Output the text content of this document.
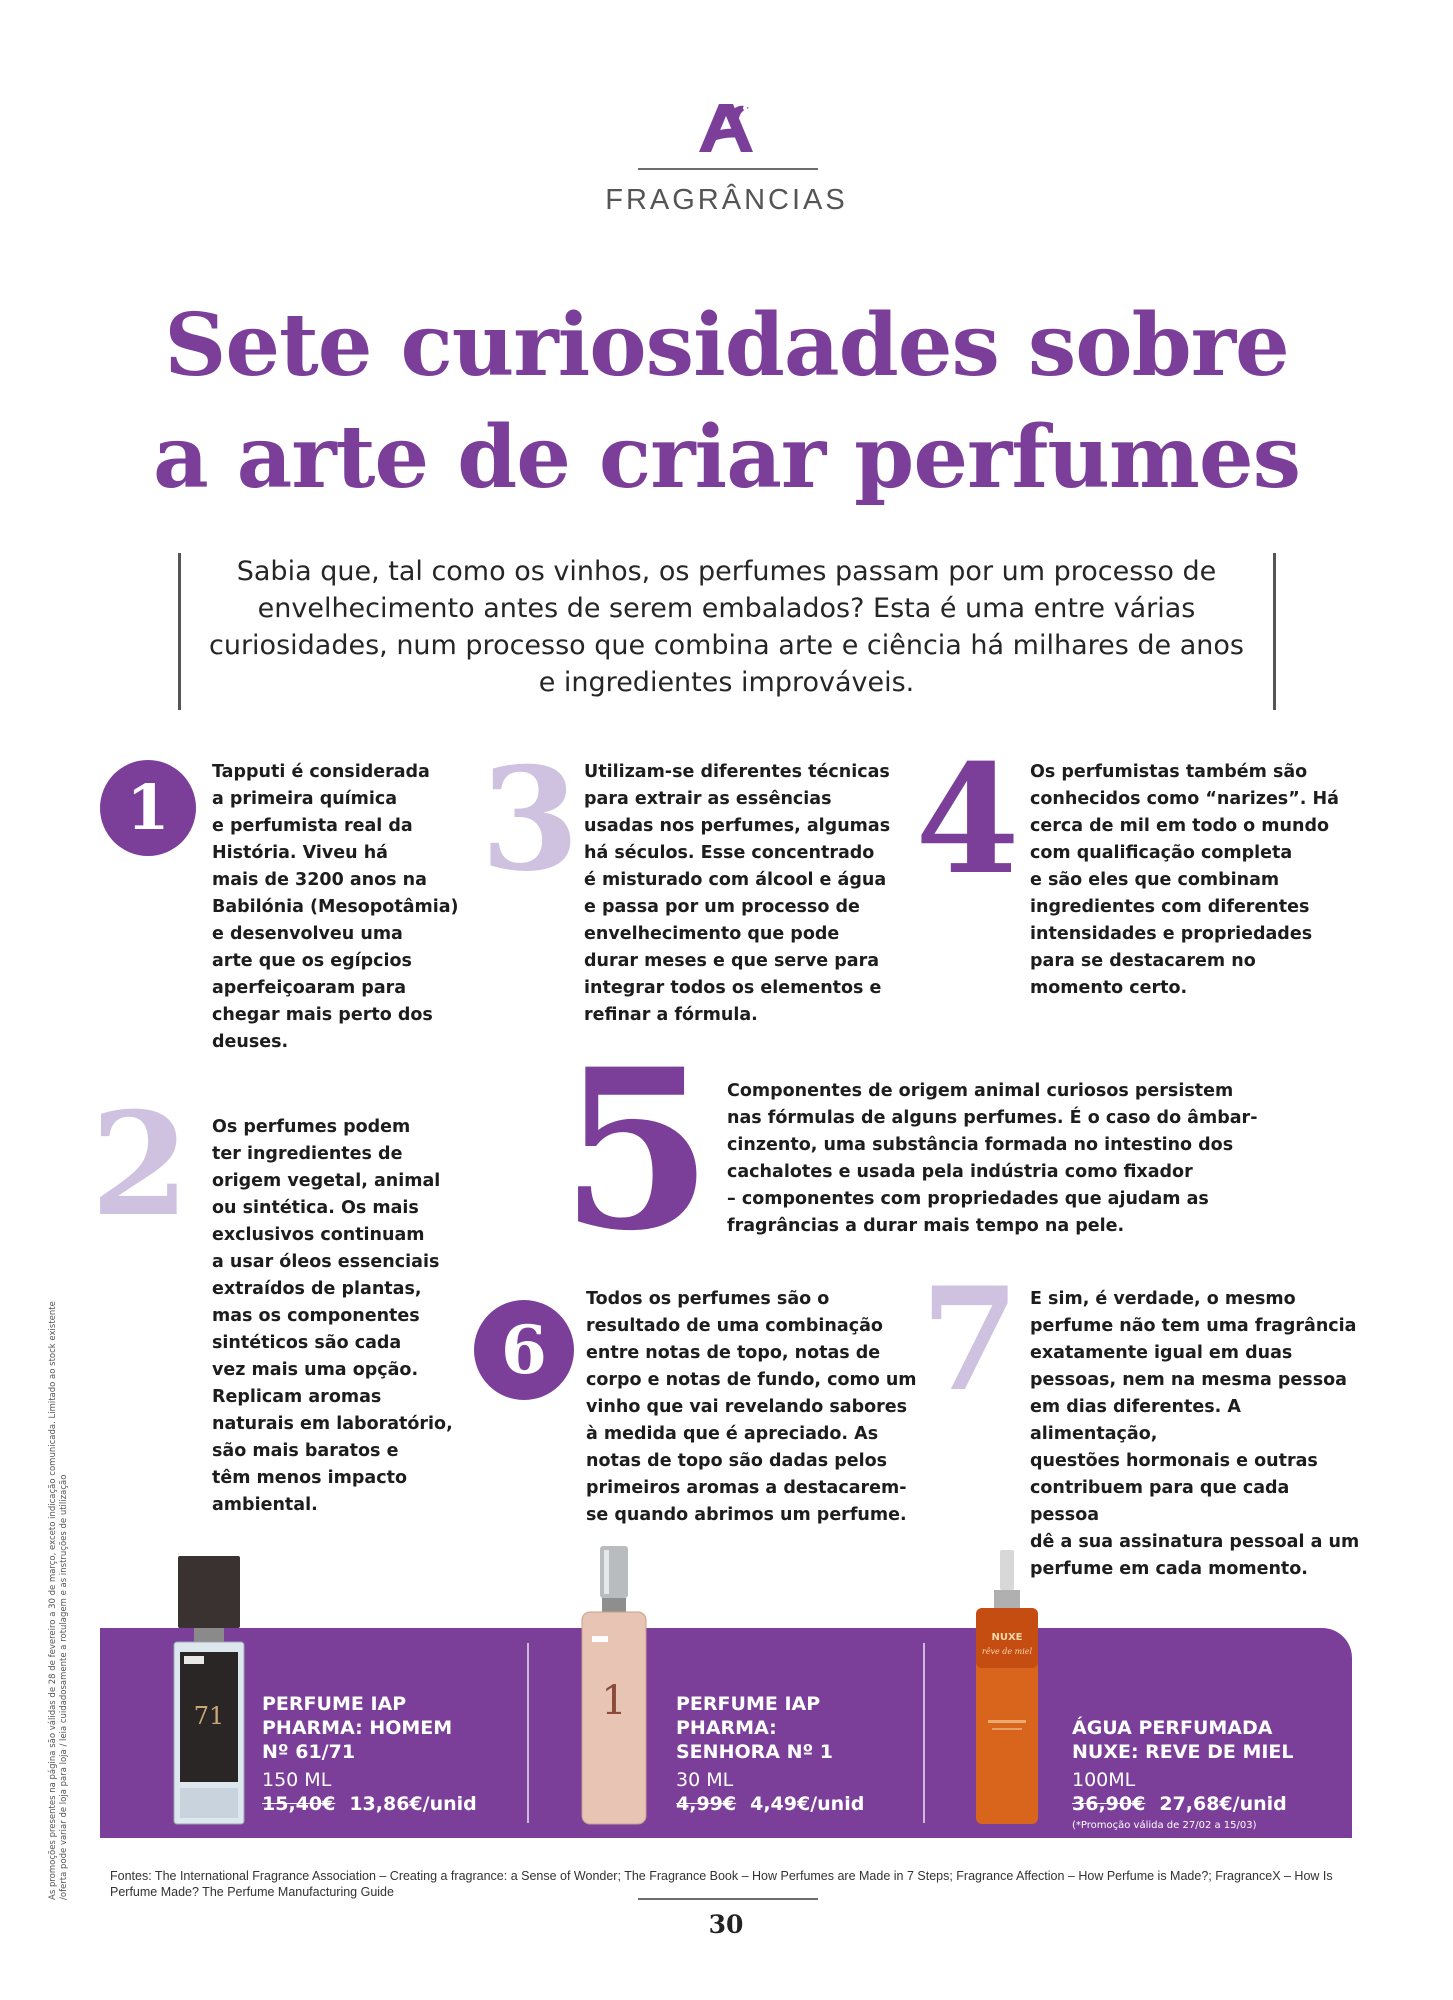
FRAGRÂNCIAS
Sete curiosidades sobre
a arte de criar perfumes
Sabia que, tal como os vinhos, os perfumes passam por um processo de envelhecimento antes de serem embalados? Esta é uma entre várias curiosidades, num processo que combina arte e ciência há milhares de anos e ingredientes improváveis.
1	Tapputi é considerada
a primeira química
e perfumista real da
História. Viveu há
mais de 3200 anos na
Babilónia (Mesopotâmia)
e desenvolveu uma
arte que os egípcios
aperfeiçoaram para
chegar mais perto dos
deuses.
2 Os perfumes podem
ter ingredientes de
origem vegetal, animal
ou sintética. Os mais
exclusivos continuam
a usar óleos essenciais
extraídos de plantas,
mas os componentes
sintéticos são cada
vez mais uma opção.
Replicam aromas
naturais em laboratório,
são mais baratos e
têm menos impacto
ambiental.
3 Utilizam-se diferentes técnicas
para extrair as essências
usadas nos perfumes, algumas
há séculos. Esse concentrado
é misturado com álcool e água
e passa por um processo de
envelhecimento que pode
durar meses e que serve para
integrar todos os elementos e
refinar a fórmula.
4 Os perfumistas também são
conhecidos como “narizes”. Há
cerca de mil em todo o mundo
com qualificação completa
e são eles que combinam
ingredientes com diferentes
intensidades e propriedades
para se destacarem no
momento certo.
5 Componentes de origem animal curiosos persistem
nas fórmulas de alguns perfumes. É o caso do âmbar-
cinzento, uma substância formada no intestino dos
cachalotes e usada pela indústria como fixador
– componentes com propriedades que ajudam as
fragrâncias a durar mais tempo na pele.
6
Todos os perfumes são o
resultado de uma combinação
entre notas de topo, notas de
corpo e notas de fundo, como um
vinho que vai revelando sabores
à medida que é apreciado. As
notas de topo são dadas pelos
primeiros aromas a destacarem-
se quando abrimos um perfume.
7 E sim, é verdade, o mesmo
perfume não tem uma fragrância
exatamente igual em duas
pessoas, nem na mesma pessoa
em dias diferentes. A alimentação,
questões hormonais e outras
contribuem para que cada pessoa
dê a sua assinatura pessoal a um
perfume em cada momento.
71 PERFUME IAP
PHARMA: HOMEM
Nº 61/71
150 ML
15,40€ 13,86€/unid
1	PERFUME IAP
PHARMA:
SENHORA Nº 1
30 ML
4,99€ 4,49€/unid
NUXE
rêve de miel
ÁGUA PERFUMADA
NUXE: REVE DE MIEL
100ML
36,90€ 27,68€/unid
(*Promoção válida de 27/02 a 15/03)
As promoções presentes na página são válidas de 28 de fevereiro a 30 de março, exceto indicação comunicada. Limitado ao stock existente /oferta pode variar de loja para loja / leia cuidadosamente a rotulagem e as instruções de utilização	Fontes: The International Fragrance Association – Creating a fragrance: a Sense of Wonder; The Fragrance Book – How Perfumes are Made in 7 Steps; Fragrance Affection – How Perfume is Made?; FragranceX – How Is Perfume Made? The Perfume Manufacturing Guide
30
